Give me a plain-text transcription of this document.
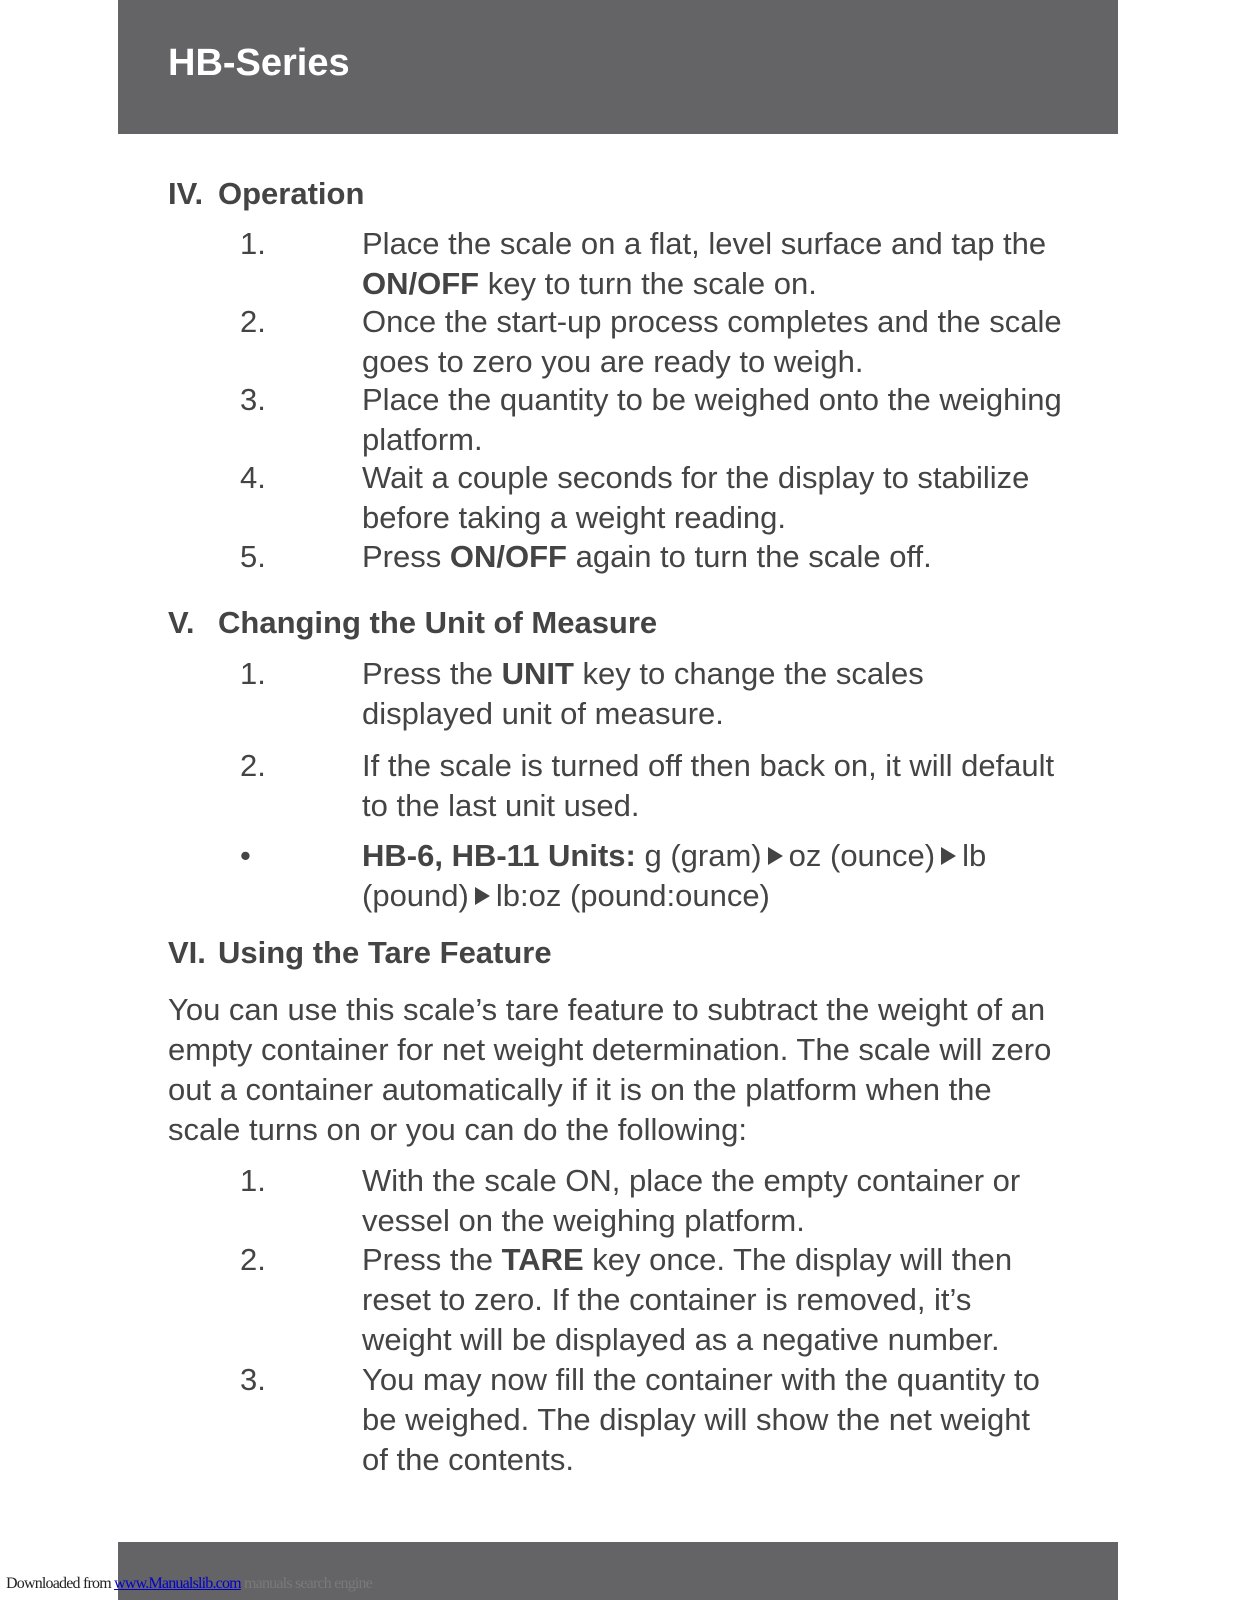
HB-Series
IV. Operation
1.	Place the scale on a flat, level surface and tap the ON/OFF key to turn the scale on.
2.	Once the start-up process completes and the scale goes to zero you are ready to weigh.
3.	Place the quantity to be weighed onto the weighing platform.
4.	Wait a couple seconds for the display to stabilize before taking a weight reading.
5.	Press ON/OFF again to turn the scale off.
V. Changing the Unit of Measure
1.	Press the UNIT key to change the scales displayed unit of measure.
2.	If the scale is turned off then back on, it will default to the last unit used.
•	HB-6, HB-11 Units: g (gram) oz (ounce) lb (pound) lb:oz (pound:ounce)
VI. Using the Tare Feature

You can use this scale’s tare feature to subtract the weight of an empty container for net weight determination. The scale will zero out a container automatically if it is on the platform when the scale turns on or you can do the following:

1.	With the scale ON, place the empty container or vessel on the weighing platform.
2.	Press the TARE key once. The display will then reset to zero. If the container is removed, it’s weight will be displayed as a negative number.
3.	You may now fill the container with the quantity to be weighed. The display will show the net weight of the contents.
Downloaded from www.Manualslib.com manuals search engine
